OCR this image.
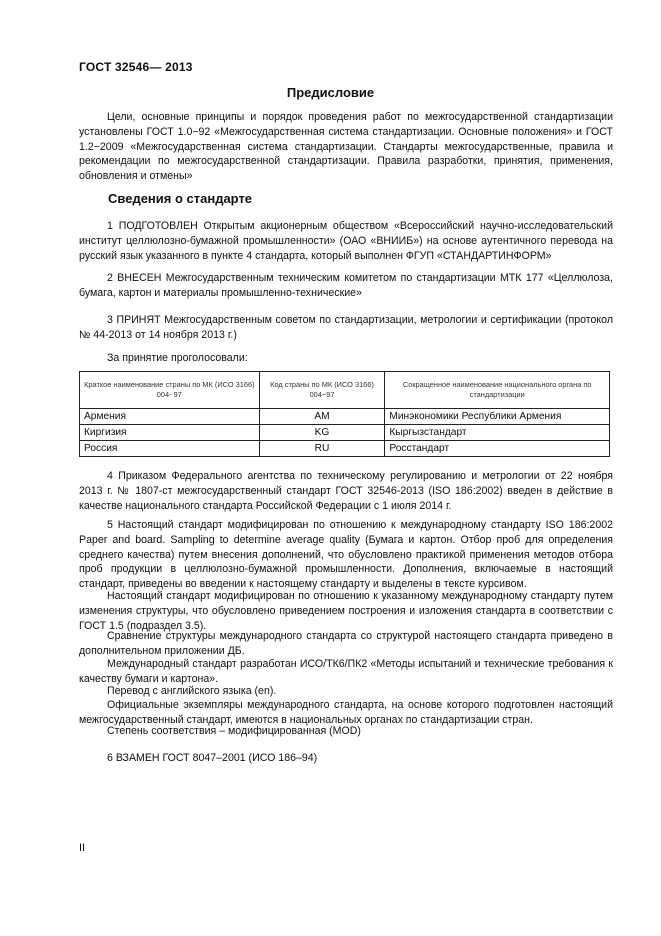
ГОСТ 32546— 2013
Предисловие
Цели, основные принципы и порядок проведения работ по межгосударственной стандартизации установлены ГОСТ 1.0−92 «Межгосударственная система стандартизации. Основные положения» и ГОСТ 1.2−2009 «Межгосударственная система стандартизации. Стандарты межгосударственные, правила и рекомендации по межгосударственной стандартизации. Правила разработки, принятия, применения, обновления и отмены»
Сведения о стандарте
1 ПОДГОТОВЛЕН Открытым акционерным обществом «Всероссийский научно-исследовательский институт целлюлозно-бумажной промышленности» (ОАО «ВНИИБ») на основе аутентичного перевода на русский язык указанного в пункте 4 стандарта, который выполнен ФГУП «СТАНДАРТИНФОРМ»
2 ВНЕСЕН Межгосударственным техническим комитетом по стандартизации МТК 177 «Целлюлоза, бумага, картон и материалы промышленно-технические»
3 ПРИНЯТ Межгосударственным советом по стандартизации, метрологии и сертификации (протокол № 44-2013 от 14 ноября 2013 г.)
За принятие проголосовали:
Краткое наименование страны по МК (ИСО 3166) 004- 97	Код страны по МК (ИСО 3166) 004−97	Сокращенное наименование национального органа по стандартизации
Армения	AM	Минэкономики Республики Армения
Киргизия	KG	Кыргызстандарт
Россия	RU	Росстандарт
4 Приказом Федерального агентства по техническому регулированию и метрологии от 22 ноября 2013 г. № 1807-ст межгосударственный стандарт ГОСТ 32546-2013 (ISO 186:2002) введен в действие в качестве национального стандарта Российской Федерации с 1 июля 2014 г.
5 Настоящий стандарт модифицирован по отношению к международному стандарту ISO 186:2002 Paper and board. Sampling to determine average quality (Бумага и картон. Отбор проб для определения среднего качества) путем внесения дополнений, что обусловлено практикой применения методов отбора проб продукции в целлюлозно-бумажной промышленности. Дополнения, включаемые в настоящий стандарт, приведены во введении к настоящему стандарту и выделены в тексте курсивом.
Настоящий стандарт модифицирован по отношению к указанному международному стандарту путем изменения структуры, что обусловлено приведением построения и изложения стандарта в соответствии с ГОСТ 1.5 (подраздел 3.5).
Сравнение структуры международного стандарта со структурой настоящего стандарта приведено в дополнительном приложении ДБ.
Международный стандарт разработан ИСО/ТК6/ПК2 «Методы испытаний и технические требования к качеству бумаги и картона».
Перевод с английского языка (en).
Официальные экземпляры международного стандарта, на основе которого подготовлен настоящий межгосударственный стандарт, имеются в национальных органах по стандартизации стран.
Степень соответствия – модифицированная (MOD)
6 ВЗАМЕН ГОСТ 8047–2001 (ИСО 186–94)
II
